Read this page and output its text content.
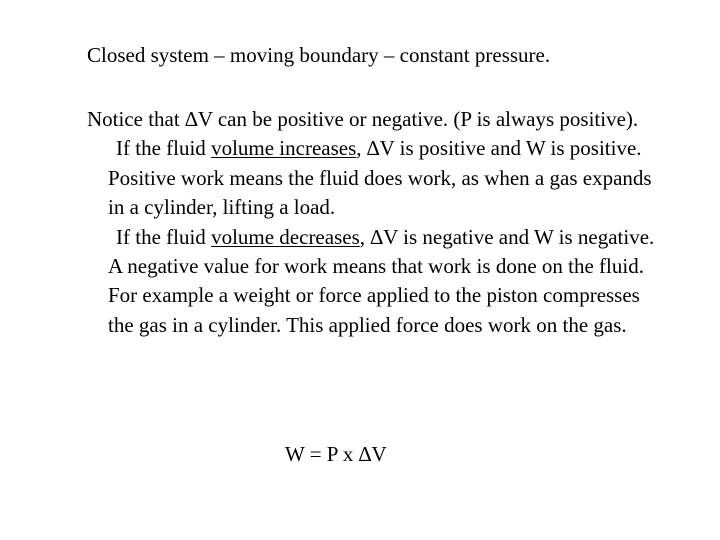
Closed system – moving boundary – constant pressure.

Notice that ∆V can be positive or negative. (P is always positive).

If the fluid volume increases, ∆V is positive and W is positive. Positive work means the fluid does work, as when a gas expands in a cylinder, lifting a load.

If the fluid volume decreases, ∆V is negative and W is negative. A negative value for work means that work is done on the fluid. For example a weight or force applied to the piston compresses the gas in a cylinder. This applied force does work on the gas.

W = P x ∆V
